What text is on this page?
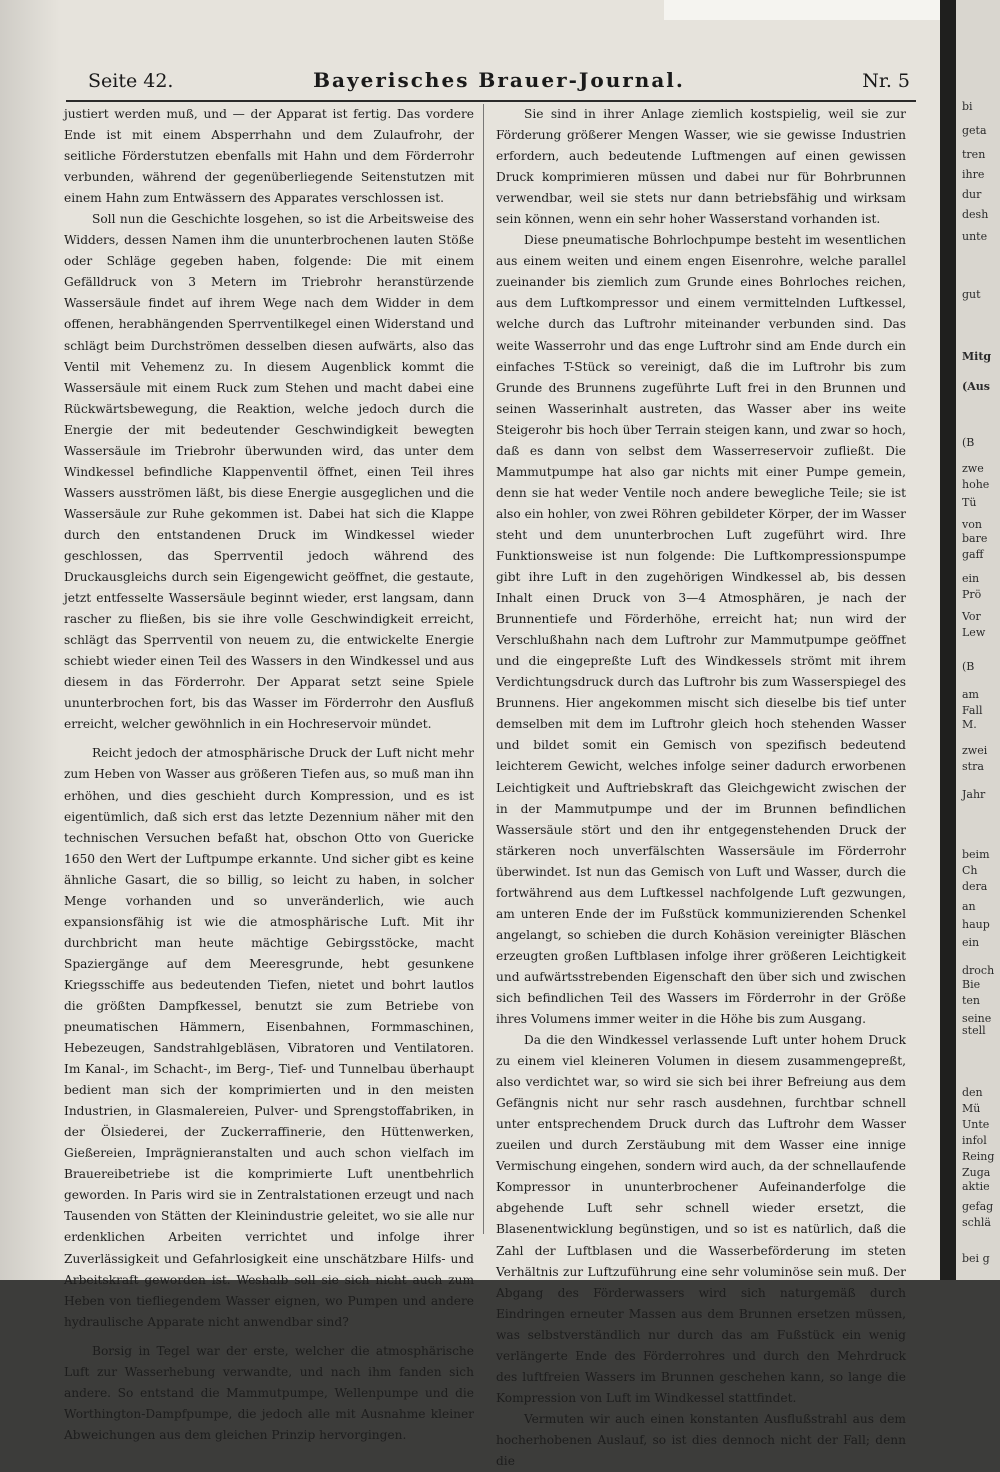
Seite 42.	Bayerisches Brauer-Journal.	Nr. 5

justiert werden muß, und — der Apparat ist fertig. Das vordere Ende ist mit einem Absperrhahn und dem Zulaufrohr, der seitliche Förderstutzen ebenfalls mit Hahn und dem Förderrohr verbunden, während der gegenüberliegende Seitenstutzen mit einem Hahn zum Entwässern des Apparates verschlossen ist.

Soll nun die Geschichte losgehen, so ist die Arbeitsweise des Widders, dessen Namen ihm die ununterbrochenen lauten Stöße oder Schläge gegeben haben, folgende: Die mit einem Gefälldruck von 3 Metern im Triebrohr heranstürzende Wassersäule findet auf ihrem Wege nach dem Widder in dem offenen, herabhängenden Sperrventilkegel einen Widerstand und schlägt beim Durchströmen desselben diesen aufwärts, also das Ventil mit Vehemenz zu. In diesem Augenblick kommt die Wassersäule mit einem Ruck zum Stehen und macht dabei eine Rückwärtsbewegung, die Reaktion, welche jedoch durch die Energie der mit bedeutender Geschwindigkeit bewegten Wassersäule im Triebrohr überwunden wird, das unter dem Windkessel befindliche Klappenventil öffnet, einen Teil ihres Wassers ausströmen läßt, bis diese Energie ausgeglichen und die Wassersäule zur Ruhe gekommen ist. Dabei hat sich die Klappe durch den entstandenen Druck im Windkessel wieder geschlossen, das Sperrventil jedoch während des Druckausgleichs durch sein Eigengewicht geöffnet, die gestaute, jetzt entfesselte Wassersäule beginnt wieder, erst langsam, dann rascher zu fließen, bis sie ihre volle Geschwindigkeit erreicht, schlägt das Sperrventil von neuem zu, die entwickelte Energie schiebt wieder einen Teil des Wassers in den Windkessel und aus diesem in das Förderrohr. Der Apparat setzt seine Spiele ununterbrochen fort, bis das Wasser im Förderrohr den Ausfluß erreicht, welcher gewöhnlich in ein Hochreservoir mündet.

Reicht jedoch der atmosphärische Druck der Luft nicht mehr zum Heben von Wasser aus größeren Tiefen aus, so muß man ihn erhöhen, und dies geschieht durch Kompression, und es ist eigentümlich, daß sich erst das letzte Dezennium näher mit den technischen Versuchen befaßt hat, obschon Otto von Guericke 1650 den Wert der Luftpumpe erkannte. Und sicher gibt es keine ähnliche Gasart, die so billig, so leicht zu haben, in solcher Menge vorhanden und so unveränderlich, wie auch expansionsfähig ist wie die atmosphärische Luft. Mit ihr durchbricht man heute mächtige Gebirgsstöcke, macht Spaziergänge auf dem Meeresgrunde, hebt gesunkene Kriegsschiffe aus bedeutenden Tiefen, nietet und bohrt lautlos die größten Dampfkessel, benutzt sie zum Betriebe von pneumatischen Hämmern, Eisenbahnen, Formmaschinen, Hebezeugen, Sandstrahlgebläsen, Vibratoren und Ventilatoren. Im Kanal-, im Schacht-, im Berg-, Tief- und Tunnelbau überhaupt bedient man sich der komprimierten und in den meisten Industrien, in Glasmalereien, Pulver- und Sprengstoffabriken, in der Ölsiederei, der Zuckerraffinerie, den Hüttenwerken, Gießereien, Imprägnieranstalten und auch schon vielfach im Brauereibetriebe ist die komprimierte Luft unentbehrlich geworden. In Paris wird sie in Zentralstationen erzeugt und nach Tausenden von Stätten der Kleinindustrie geleitet, wo sie alle nur erdenklichen Arbeiten verrichtet und infolge ihrer Zuverlässigkeit und Gefahrlosigkeit eine unschätzbare Hilfs- und Arbeitskraft geworden ist. Weshalb soll sie sich nicht auch zum Heben von tiefliegendem Wasser eignen, wo Pumpen und andere hydraulische Apparate nicht anwendbar sind?

Borsig in Tegel war der erste, welcher die atmosphärische Luft zur Wasserhebung verwandte, und nach ihm fanden sich andere. So entstand die Mammutpumpe, Wellenpumpe und die Worthington-Dampfpumpe, die jedoch alle mit Ausnahme kleiner Abweichungen aus dem gleichen Prinzip hervorgingen.

Sie sind in ihrer Anlage ziemlich kostspielig, weil sie zur Förderung größerer Mengen Wasser, wie sie gewisse Industrien erfordern, auch bedeutende Luftmengen auf einen gewissen Druck komprimieren müssen und dabei nur für Bohrbrunnen verwendbar, weil sie stets nur dann betriebsfähig und wirksam sein können, wenn ein sehr hoher Wasserstand vorhanden ist.

Diese pneumatische Bohrlochpumpe besteht im wesentlichen aus einem weiten und einem engen Eisenrohre, welche parallel zueinander bis ziemlich zum Grunde eines Bohrloches reichen, aus dem Luftkompressor und einem vermittelnden Luftkessel, welche durch das Luftrohr miteinander verbunden sind. Das weite Wasserrohr und das enge Luftrohr sind am Ende durch ein einfaches T-Stück so vereinigt, daß die im Luftrohr bis zum Grunde des Brunnens zugeführte Luft frei in den Brunnen und seinen Wasserinhalt austreten, das Wasser aber ins weite Steigerohr bis hoch über Terrain steigen kann, und zwar so hoch, daß es dann von selbst dem Wasserreservoir zufließt. Die Mammutpumpe hat also gar nichts mit einer Pumpe gemein, denn sie hat weder Ventile noch andere bewegliche Teile; sie ist also ein hohler, von zwei Röhren gebildeter Körper, der im Wasser steht und dem ununterbrochen Luft zugeführt wird. Ihre Funktionsweise ist nun folgende: Die Luftkompressionspumpe gibt ihre Luft in den zugehörigen Windkessel ab, bis dessen Inhalt einen Druck von 3—4 Atmosphären, je nach der Brunnentiefe und Förderhöhe, erreicht hat; nun wird der Verschlußhahn nach dem Luftrohr zur Mammutpumpe geöffnet und die eingepreßte Luft des Windkessels strömt mit ihrem Verdichtungsdruck durch das Luftrohr bis zum Wasserspiegel des Brunnens. Hier angekommen mischt sich dieselbe bis tief unter demselben mit dem im Luftrohr gleich hoch stehenden Wasser und bildet somit ein Gemisch von spezifisch bedeutend leichterem Gewicht, welches infolge seiner dadurch erworbenen Leichtigkeit und Auftriebskraft das Gleichgewicht zwischen der in der Mammutpumpe und der im Brunnen befindlichen Wassersäule stört und den ihr entgegenstehenden Druck der stärkeren noch unverfälschten Wassersäule im Förderrohr überwindet. Ist nun das Gemisch von Luft und Wasser, durch die fortwährend aus dem Luftkessel nachfolgende Luft gezwungen, am unteren Ende der im Fußstück kommunizierenden Schenkel angelangt, so schieben die durch Kohäsion vereinigter Bläschen erzeugten großen Luftblasen infolge ihrer größeren Leichtigkeit und aufwärtsstrebenden Eigenschaft den über sich und zwischen sich befindlichen Teil des Wassers im Förderrohr in der Größe ihres Volumens immer weiter in die Höhe bis zum Ausgang.

Da die den Windkessel verlassende Luft unter hohem Druck zu einem viel kleineren Volumen in diesem zusammengepreßt, also verdichtet war, so wird sie sich bei ihrer Befreiung aus dem Gefängnis nicht nur sehr rasch ausdehnen, furchtbar schnell unter entsprechendem Druck durch das Luftrohr dem Wasser zueilen und durch Zerstäubung mit dem Wasser eine innige Vermischung eingehen, sondern wird auch, da der schnellaufende Kompressor in ununterbrochener Aufeinanderfolge die abgehende Luft sehr schnell wieder ersetzt, die Blasenentwicklung begünstigen, und so ist es natürlich, daß die Zahl der Luftblasen und die Wasserbeförderung im steten Verhältnis zur Luftzuführung eine sehr voluminöse sein muß. Der Abgang des Förderwassers wird sich naturgemäß durch Eindringen erneuter Massen aus dem Brunnen ersetzen müssen, was selbstverständlich nur durch das am Fußstück ein wenig verlängerte Ende des Förderrohres und durch den Mehrdruck des luftfreien Wassers im Brunnen geschehen kann, so lange die Kompression von Luft im Windkessel stattfindet.

Vermuten wir auch einen konstanten Ausflußstrahl aus dem hocherhobenen Auslauf, so ist dies dennoch nicht der Fall; denn die

bi
geta
tren
ihre
dur
desh
unte
gut
Mitg
(Aus
(B
zwe
hohe
Tü
von
bare
gaff
ein
Prö
Vor
Lew
(B
am
Fall
M.
zwei
stra
Jahr
beim
Ch
dera
an
haup
ein
droch
Bie
ten
seine
stell
den
Mü
Unte
infol
Reing
Zuga
aktie
gefag
schlä
bei g
